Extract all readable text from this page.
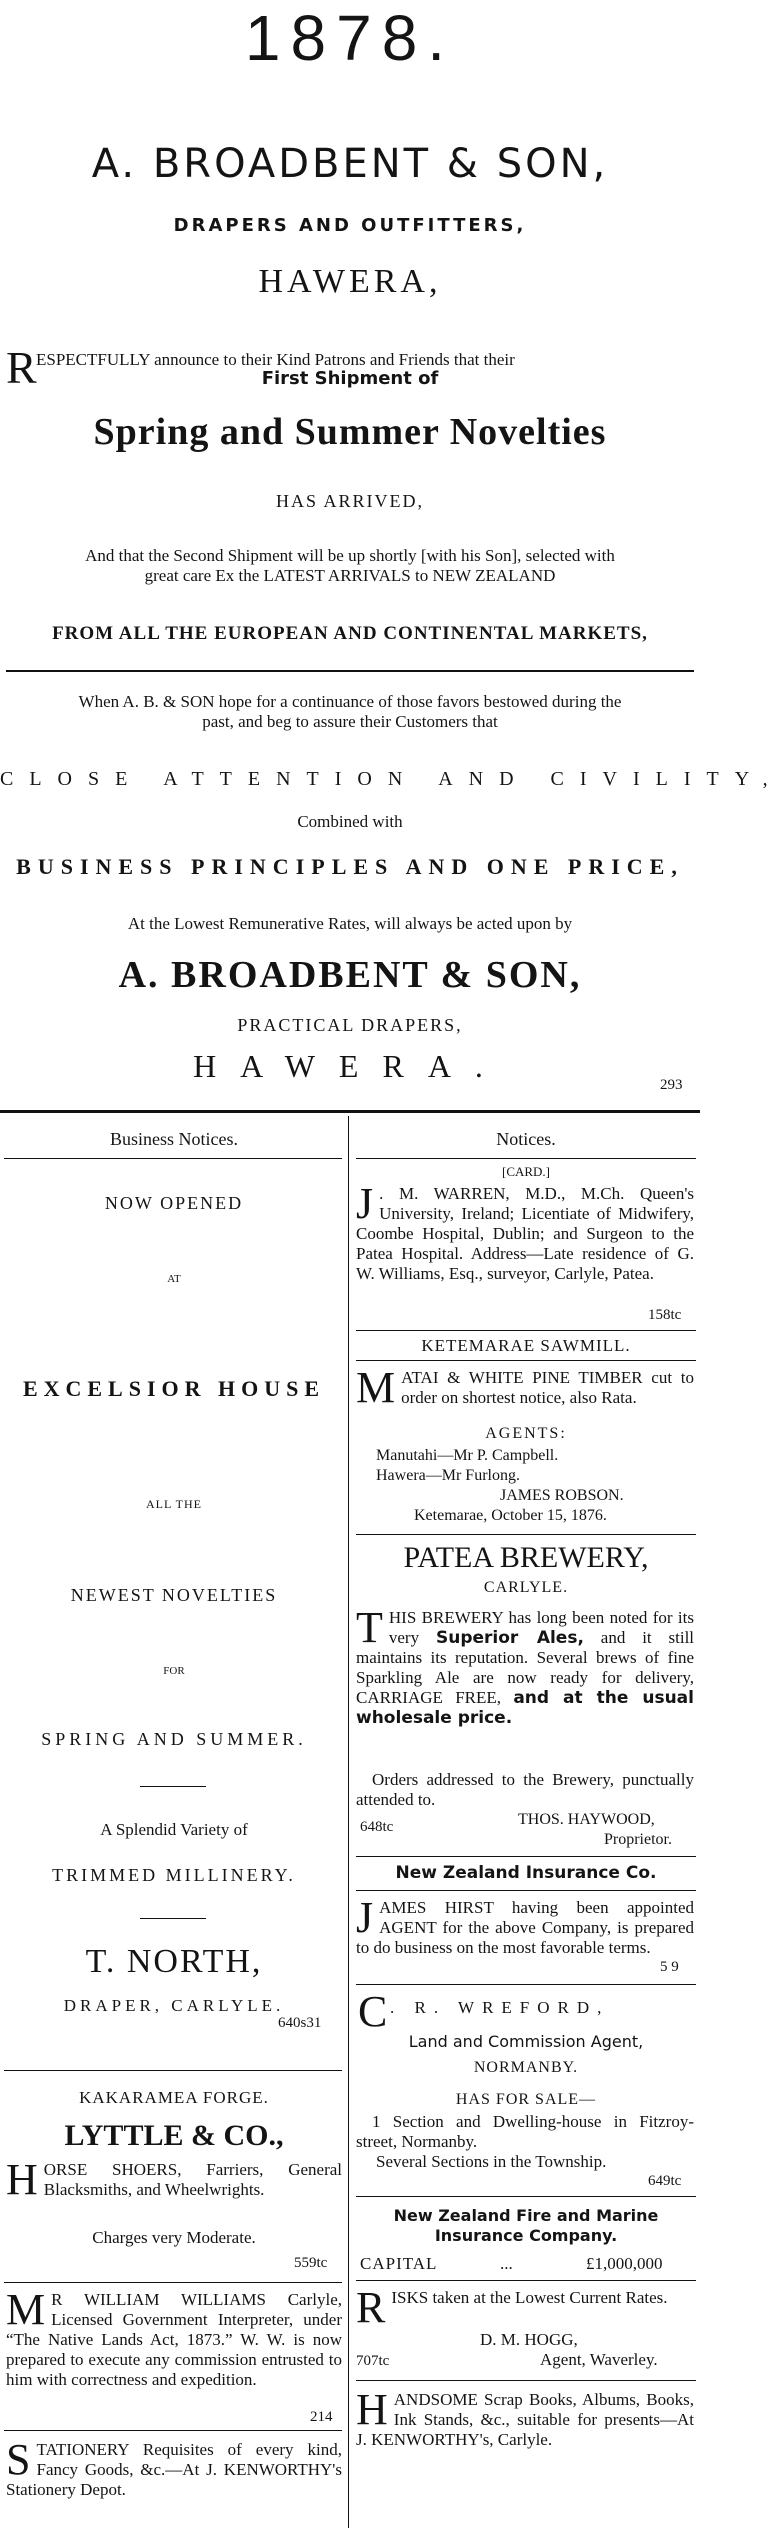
1878.
A. BROADBENT & SON,
DRAPERS AND OUTFITTERS,
HAWERA,
R ESPECTFULLY announce to their Kind Patrons and Friends that their
First Shipment of
Spring and Summer Novelties
HAS ARRIVED,
And that the Second Shipment will be up shortly [with his Son], selected with
great care Ex the LATEST ARRIVALS to NEW ZEALAND
FROM ALL THE EUROPEAN AND CONTINENTAL MARKETS,
When A. B. & SON hope for a continuance of those favors bestowed during the
past, and beg to assure their Customers that
CLOSE ATTENTION AND CIVILITY,
Combined with
BUSINESS PRINCIPLES AND ONE PRICE,
At the Lowest Remunerative Rates, will always be acted upon by
A. BROADBENT & SON,
PRACTICAL DRAPERS,
HAWERA.
293
Business Notices.
NOW OPENED
AT
EXCELSIOR HOUSE
ALL THE
NEWEST NOVELTIES
FOR
SPRING AND SUMMER.
A Splendid Variety of
TRIMMED MILLINERY.
T. NORTH,
DRAPER, CARLYLE.
640s31
KAKARAMEA FORGE.
LYTTLE & CO.,
HORSE SHOERS, Farriers, General Blacksmiths, and Wheelwrights.
Charges very Moderate.
559tc
M R WILLIAM WILLIAMS Carlyle, Licensed Government Interpreter, under “The Native Lands Act, 1873.” W. W. is now prepared to execute any commission entrusted to him with correctness and expedition.
214
STATIONERY Requisites of every kind, Fancy Goods, &c.—At J. KENWORTHY's Stationery Depot.
Notices.
[CARD.]
J . M. WARREN, M.D., M.Ch. Queen's University, Ireland; Licentiate of Midwifery, Coombe Hospital, Dublin; and Surgeon to the Patea Hospital. Address—Late residence of G. W. Williams, Esq., surveyor, Carlyle, Patea.
158tc
KETEMARAE SAWMILL.
MATAI & WHITE PINE TIMBER cut to order on shortest notice, also Rata.
AGENTS:
Manutahi—Mr P. Campbell.
Hawera—Mr Furlong.
JAMES ROBSON.
Ketemarae, October 15, 1876.
PATEA BREWERY,
CARLYLE.
THIS BREWERY has long been noted for its very Superior Ales, and it still maintains its reputation. Several brews of fine Sparkling Ale are now ready for delivery, CARRIAGE FREE, and at the usual wholesale price.
Orders addressed to the Brewery, punctually attended to.
648tc	THOS. HAYWOOD,
Proprietor.
New Zealand Insurance Co.
JAMES HIRST having been appointed AGENT for the above Company, is prepared to do business on the most favorable terms.
5 9
C . R. WREFORD,
Land and Commission Agent,
NORMANBY.
HAS FOR SALE—
1 Section and Dwelling-house in Fitzroy-street, Normanby.
Several Sections in the Township.
649tc
New Zealand Fire and Marine
Insurance Company.
CAPITAL	...	£1,000,000
RISKS taken at the Lowest Current Rates.
D. M. HOGG,
707tc	Agent, Waverley.
HANDSOME Scrap Books, Albums, Books, Ink Stands, &c., suitable for presents—At J. KENWORTHY's, Carlyle.
